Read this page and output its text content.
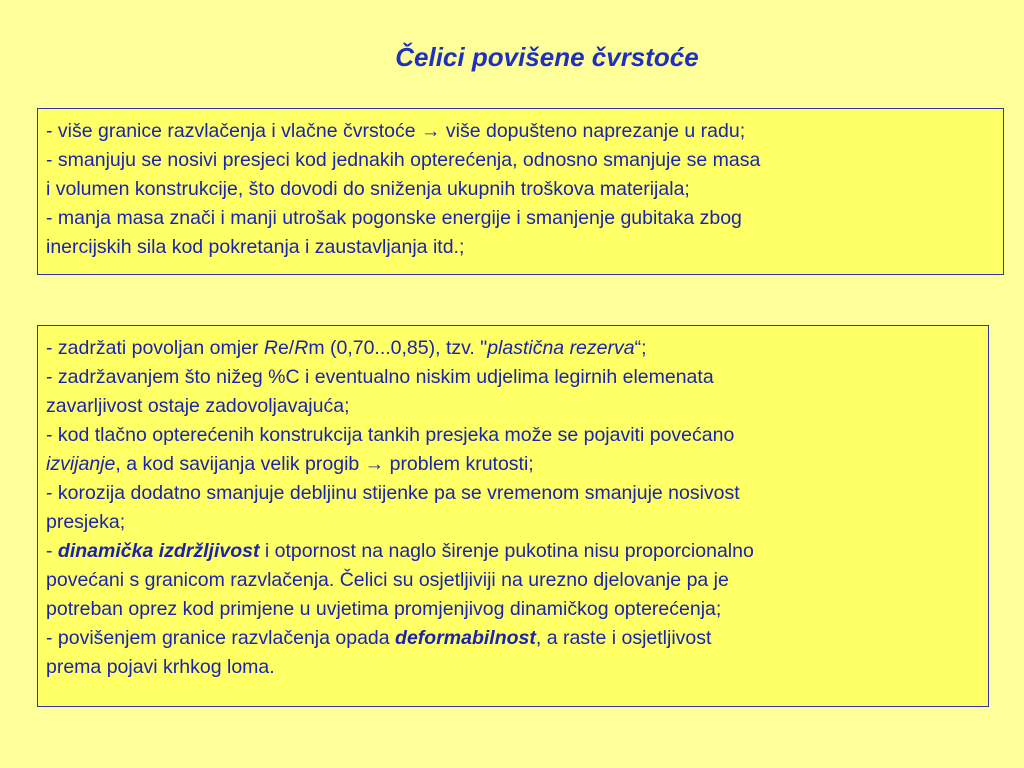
Čelici povišene čvrstoće
- više granice razvlačenja i vlačne čvrstoće → više dopušteno naprezanje u radu;
- smanjuju se nosivi presjeci kod jednakih opterećenja, odnosno smanjuje se masa
i volumen konstrukcije, što dovodi do sniženja ukupnih troškova materijala;
- manja masa znači i manji utrošak pogonske energije i smanjenje gubitaka zbog
inercijskih sila kod pokretanja i zaustavljanja itd.;
- zadržati povoljan omjer Re/Rm (0,70...0,85), tzv. "plastična rezerva“;
- zadržavanjem što nižeg %C i eventualno niskim udjelima legirnih elemenata
zavarljivost ostaje zadovoljavajuća;
- kod tlačno opterećenih konstrukcija tankih presjeka može se pojaviti povećano
izvijanje, a kod savijanja velik progib → problem krutosti;
- korozija dodatno smanjuje debljinu stijenke pa se vremenom smanjuje nosivost
presjeka;
- dinamička izdržljivost i otpornost na naglo širenje pukotina nisu proporcionalno
povećani s granicom razvlačenja. Čelici su osjetljiviji na urezno djelovanje pa je
potreban oprez kod primjene u uvjetima promjenjivog dinamičkog opterećenja;
- povišenjem granice razvlačenja opada deformabilnost, a raste i osjetljivost
prema pojavi krhkog loma.
